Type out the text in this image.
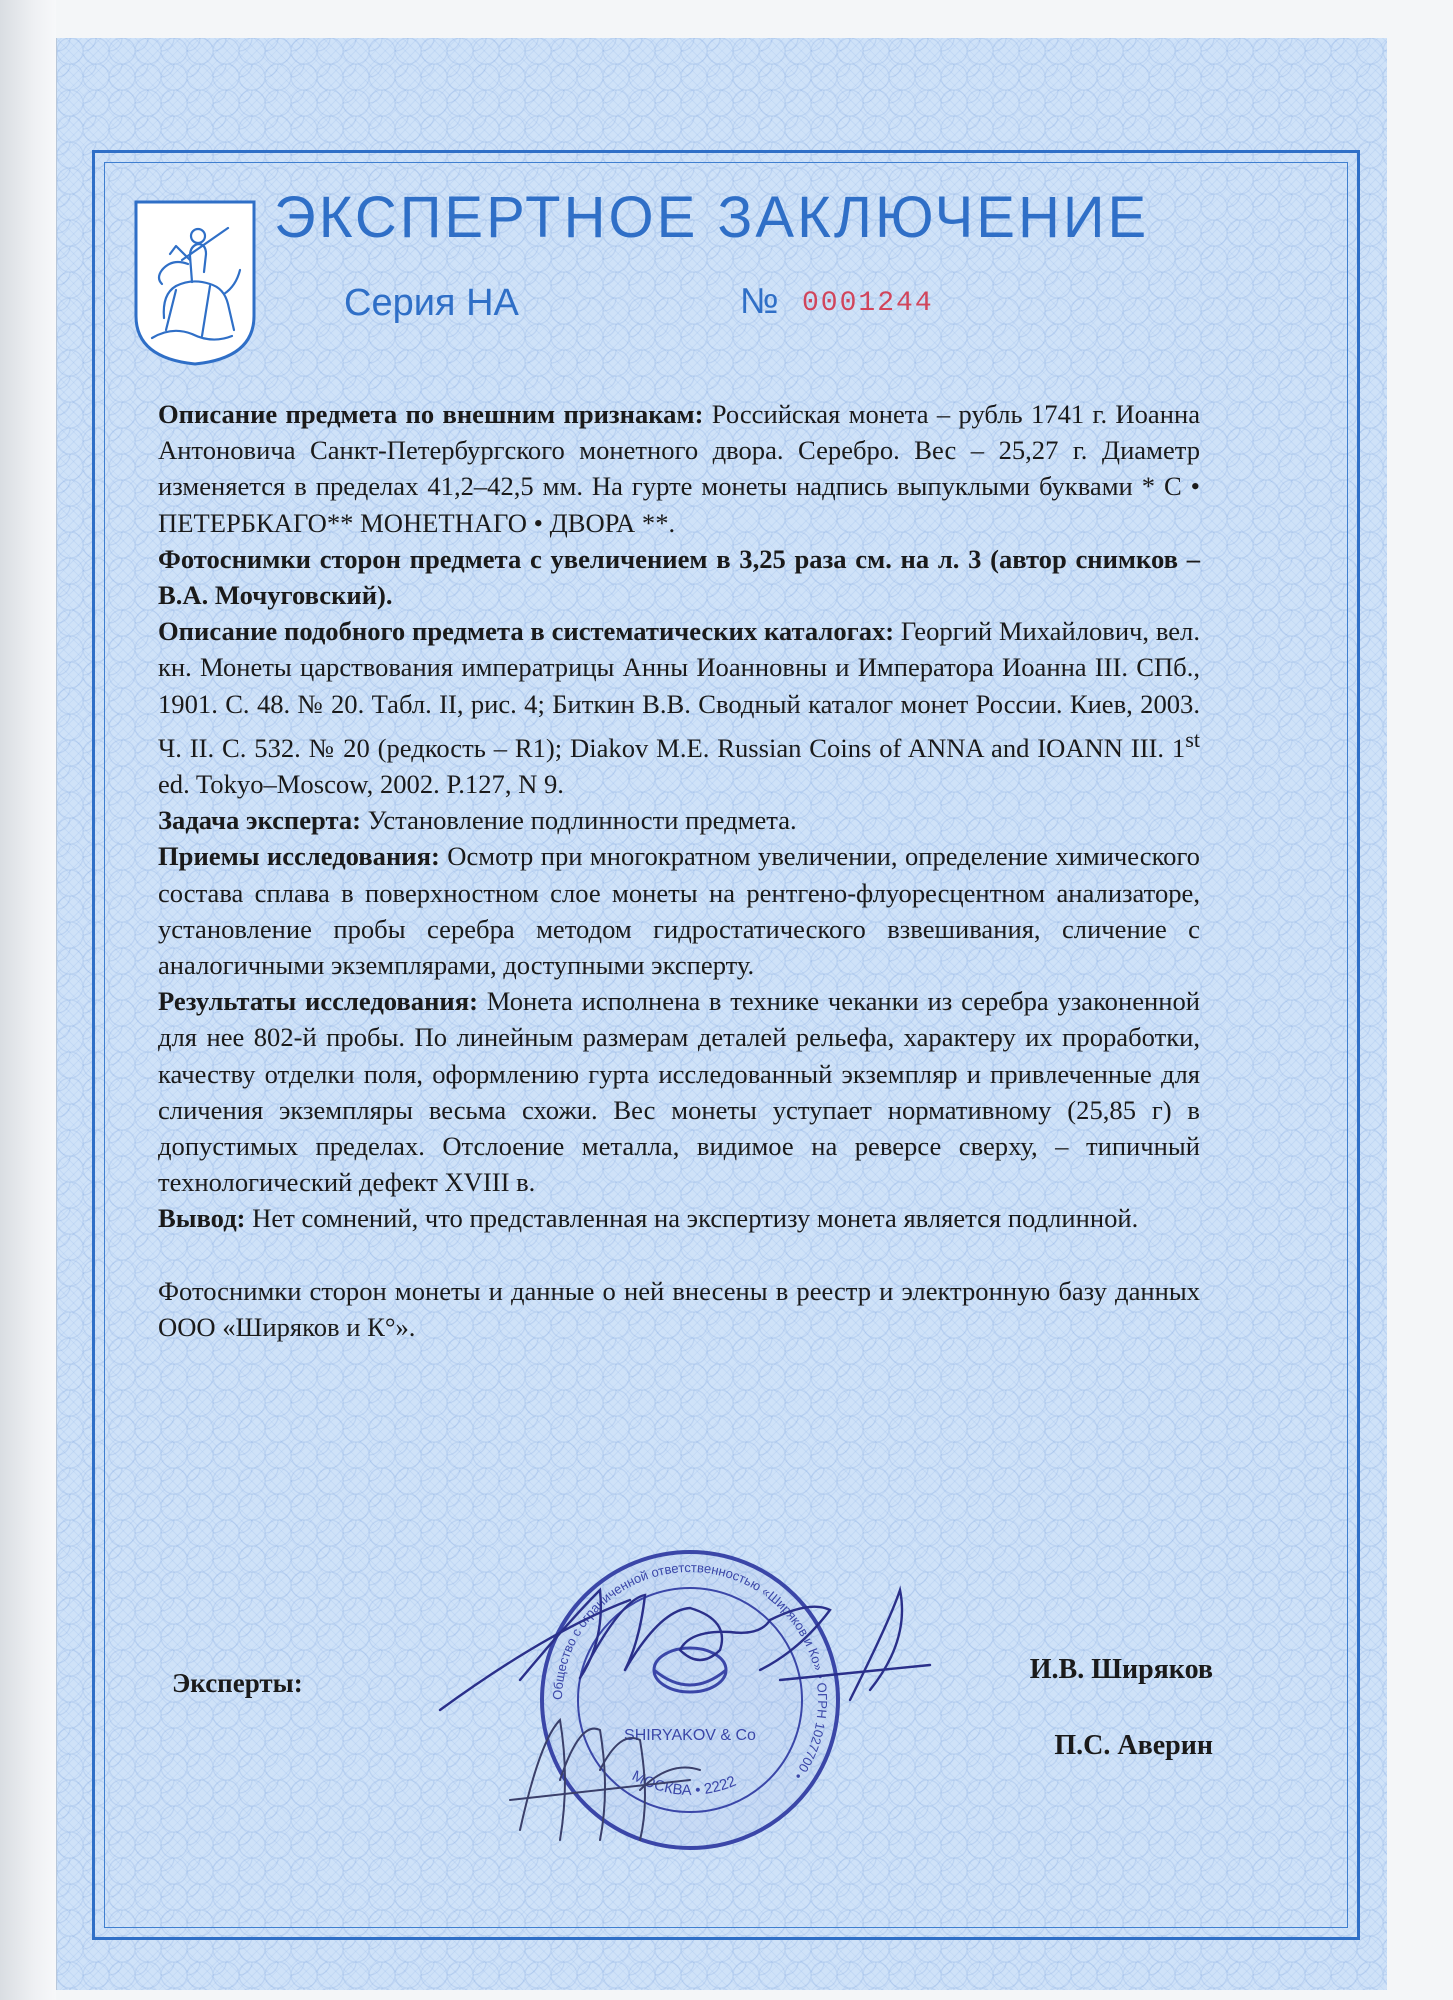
ЭКСПЕРТНОЕ ЗАКЛЮЧЕНИЕ
Серия НА	№ 0001244

Описание предмета по внешним признакам: Российская монета – рубль 1741 г. Иоанна Антоновича Санкт-Петербургского монетного двора. Серебро. Вес – 25,27 г. Диаметр изменяется в пределах 41,2–42,5 мм. На гурте монеты надпись выпуклыми буквами * С • ПЕТЕРБКАГО** МОНЕТНАГО • ДВОРА **.

Фотоснимки сторон предмета с увеличением в 3,25 раза см. на л. 3 (автор снимков – В.А. Мочуговский).

Описание подобного предмета в систематических каталогах: Георгий Михайлович, вел. кн. Монеты царствования императрицы Анны Иоанновны и Императора Иоанна III. СПб., 1901. С. 48. № 20. Табл. II, рис. 4; Биткин В.В. Сводный каталог монет России. Киев, 2003. Ч. II. С. 532. № 20 (редкость – R1); Diakov M.E. Russian Coins of ANNA and IOANN III. 1st ed. Tokyo–Moscow, 2002. P.127, N 9.

Задача эксперта: Установление подлинности предмета.

Приемы исследования: Осмотр при многократном увеличении, определение химического состава сплава в поверхностном слое монеты на рентгено-флуоресцентном анализаторе, установление пробы серебра методом гидростатического взвешивания, сличение с аналогичными экземплярами, доступными эксперту.

Результаты исследования: Монета исполнена в технике чеканки из серебра узаконенной для нее 802-й пробы. По линейным размерам деталей рельефа, характеру их проработки, качеству отделки поля, оформлению гурта исследованный экземпляр и привлеченные для сличения экземпляры весьма схожи. Вес монеты уступает нормативному (25,85 г) в допустимых пределах. Отслоение металла, видимое на реверсе сверху, – типичный технологический дефект XVIII в.

Вывод: Нет сомнений, что представленная на экспертизу монета является подлинной.

Фотоснимки сторон монеты и данные о ней внесены в реестр и электронную базу данных ООО «Ширяков и К°».

Общество с ограниченной ответственностью «Ширяков и Ко» • ОГРН 1027700 •
МОСКВА • 2222
SHIRYAKOV & Co
Эксперты:	И.В. Ширяков
П.С. Аверин
